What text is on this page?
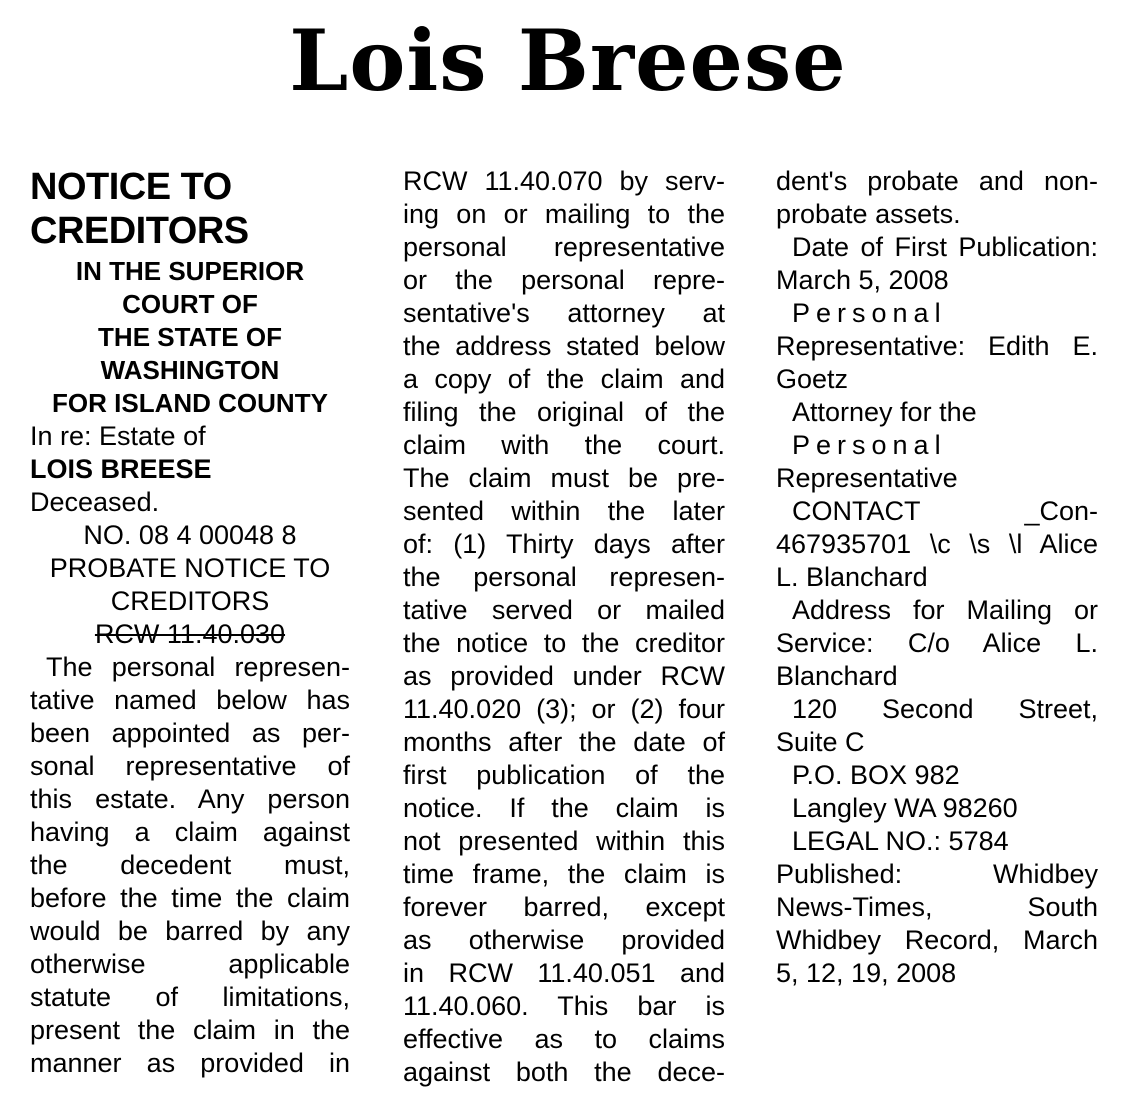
Lois Breese
NOTICE TO CREDITORS

IN THE SUPERIOR

COURT OF

THE STATE OF

WASHINGTON

FOR ISLAND COUNTY

In re: Estate of

LOIS BREESE

Deceased.

NO. 08 4 00048 8

PROBATE NOTICE TO

CREDITORS

RCW 11.40.030

The personal represen-

tative named below has

been appointed as per-

sonal representative of

this estate. Any person

having a claim against

the decedent must,

before the time the claim

would be barred by any

otherwise applicable

statute of limitations,

present the claim in the

manner as provided in

RCW 11.40.070 by serv-

ing on or mailing to the

personal representative

or the personal repre-

sentative's attorney at

the address stated below

a copy of the claim and

filing the original of the

claim with the court.

The claim must be pre-

sented within the later

of: (1) Thirty days after

the personal represen-

tative served or mailed

the notice to the creditor

as provided under RCW

11.40.020 (3); or (2) four

months after the date of

first publication of the

notice. If the claim is

not presented within this

time frame, the claim is

forever barred, except

as otherwise provided

in RCW 11.40.051 and

11.40.060. This bar is

effective as to claims

against both the dece-

dent's probate and non-

probate assets.

Date of First Publication:

March 5, 2008

Personal

Representative: Edith E.

Goetz

Attorney for the

Personal

Representative

CONTACT _Con-

467935701 \c \s \l Alice

L. Blanchard

Address for Mailing or

Service: C/o Alice L.

Blanchard

120 Second Street,

Suite C

P.O. BOX 982

Langley WA 98260

LEGAL NO.: 5784

Published: Whidbey

News-Times, South

Whidbey Record, March

5, 12, 19, 2008
